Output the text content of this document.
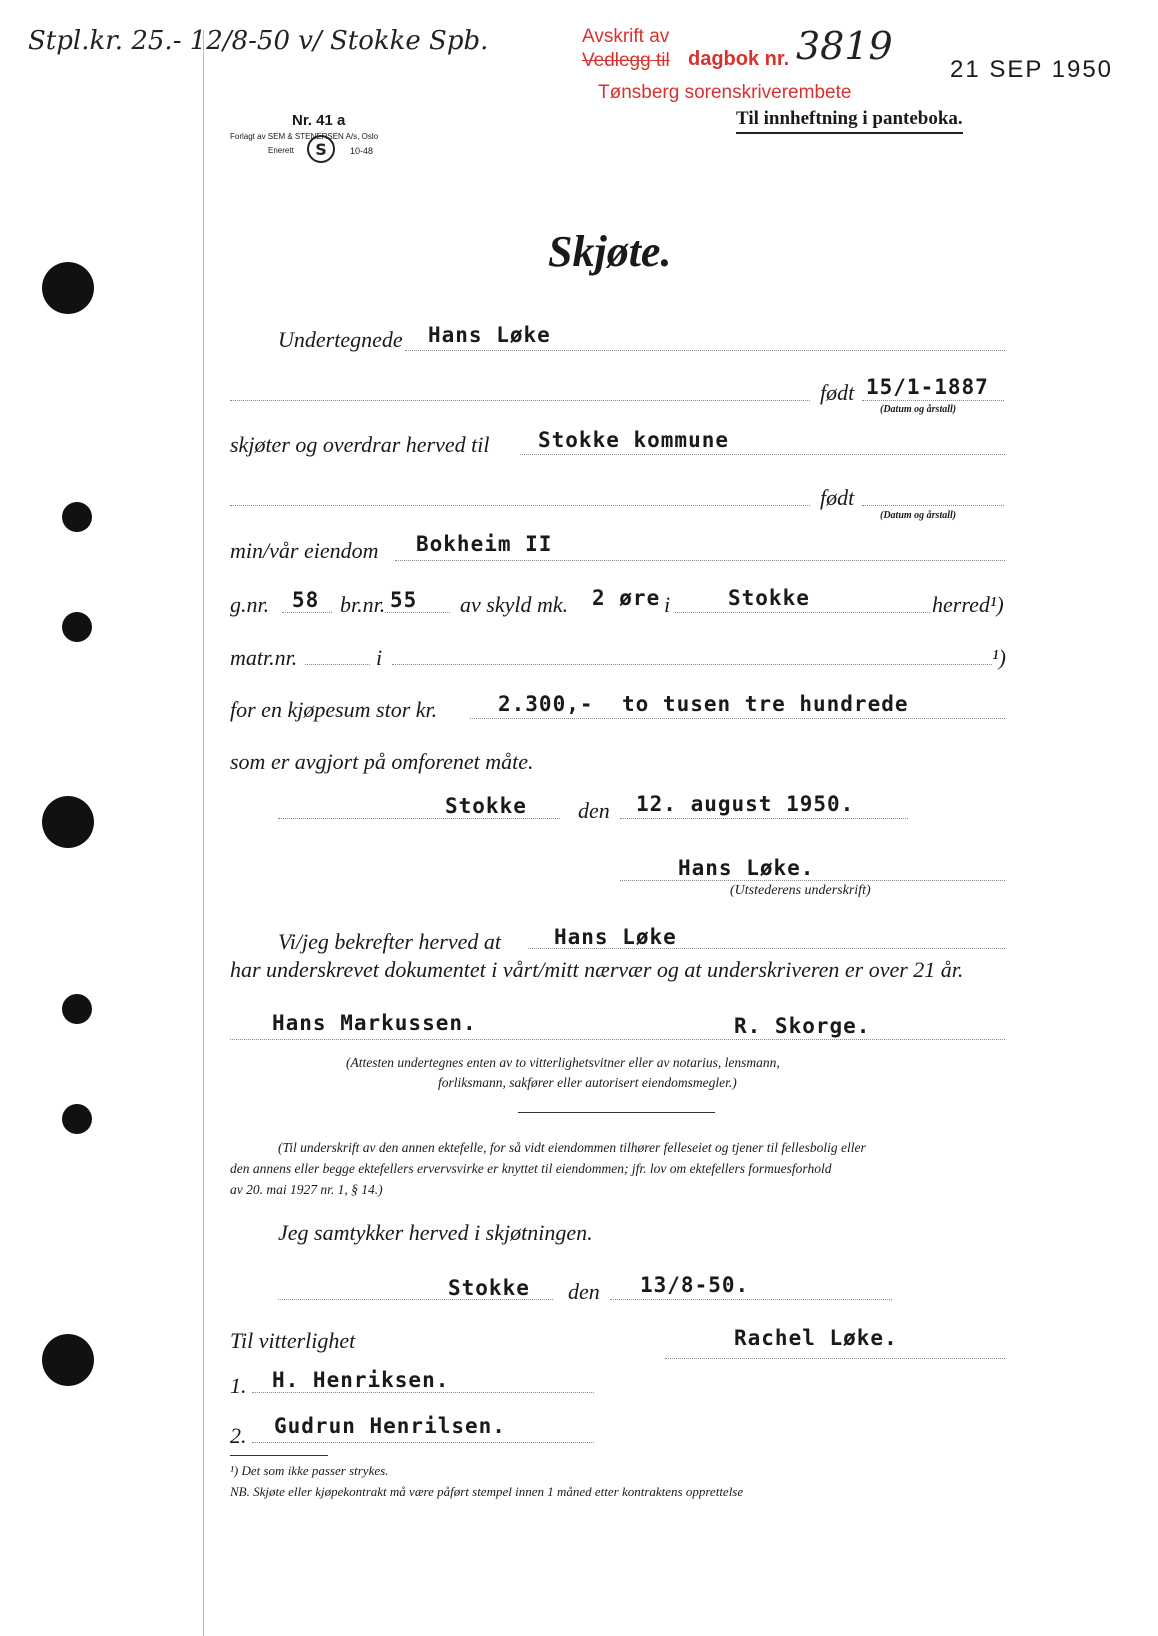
Stpl.kr. 25.- 12/8-50 v/ Stokke Spb.	Avskrift av
Vedlegg til dagbok nr. 3819
Tønsberg sorenskriverembete
21 SEP 1950
Nr. 41 a
Forlagt av SEM & STENERSEN A/s, Oslo
Enerett S	10-48
Til innheftning i panteboka.
Skjøte.
Undertegnede Hans Løke
født 15/1-1887
(Datum og årstall)
skjøter og overdrar herved til Stokke kommune
født
(Datum og årstall)
min/vår eiendom Bokheim II
g.nr. 58 br.nr. 55 av skyld mk. 2 øre i	Stokke	herred¹)
matr.nr.	i	¹)
for en kjøpesum stor kr.	2.300,- to tusen tre hundrede
som er avgjort på omforenet måte.
Stokke den 12. august 1950.
Hans Løke.
(Utstederens underskrift)
Vi/jeg bekrefter herved at	Hans Løke
har underskrevet dokumentet i vårt/mitt nærvær og at underskriveren er over 21 år.
Hans Markussen.	R. Skorge.
(Attesten undertegnes enten av to vitterlighetsvitner eller av notarius, lensmann,
forliksmann, sakfører eller autorisert eiendomsmegler.)
(Til underskrift av den annen ektefelle, for så vidt eiendommen tilhører felleseiet og tjener til fellesbolig eller
den annens eller begge ektefellers ervervsvirke er knyttet til eiendommen; jfr. lov om ektefellers formuesforhold
av 20. mai 1927 nr. 1, § 14.)
Jeg samtykker herved i skjøtningen.
Stokke den 13/8-50.
Til vitterlighet	Rachel Løke.
1. H. Henriksen.
2. Gudrun Henrilsen.
¹) Det som ikke passer strykes.
NB. Skjøte eller kjøpekontrakt må være påført stempel innen 1 måned etter kontraktens opprettelse
